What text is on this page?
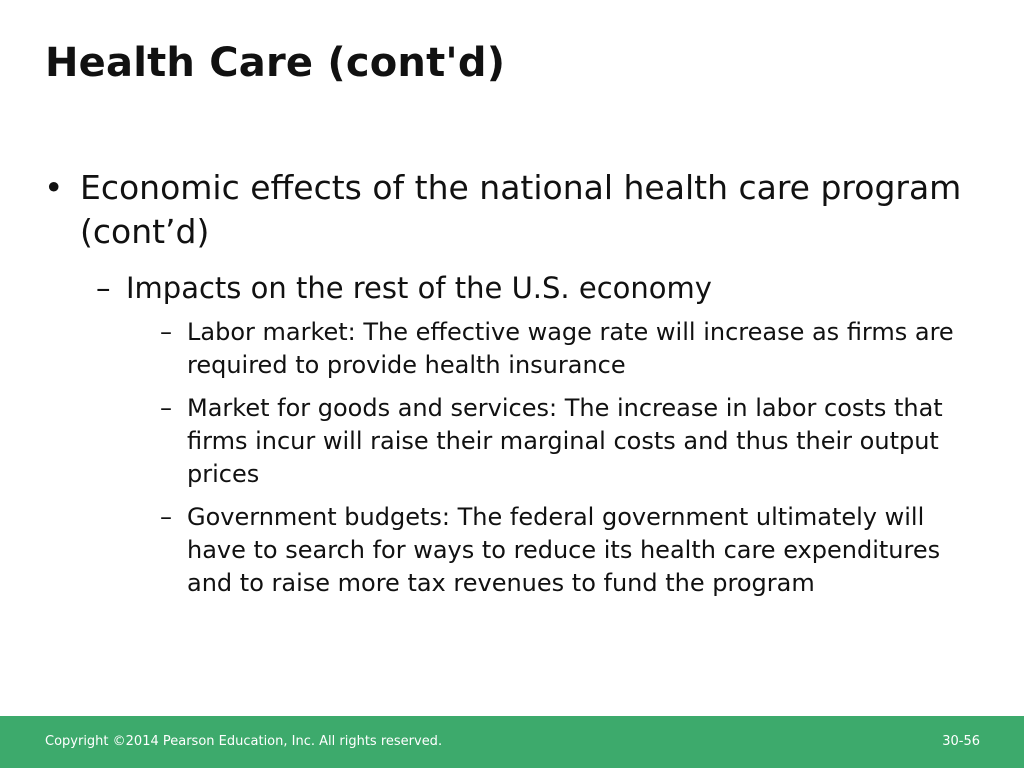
Health Care (cont'd)
• Economic effects of the national health care program (cont’d)
– Impacts on the rest of the U.S. economy
– Labor market: The effective wage rate will increase as firms are required to provide health insurance
– Market for goods and services: The increase in labor costs that firms incur will raise their marginal costs and thus their output prices
– Government budgets: The federal government ultimately will have to search for ways to reduce its health care expenditures and to raise more tax revenues to fund the program
Copyright ©2014 Pearson Education, Inc. All rights reserved.	30-56
